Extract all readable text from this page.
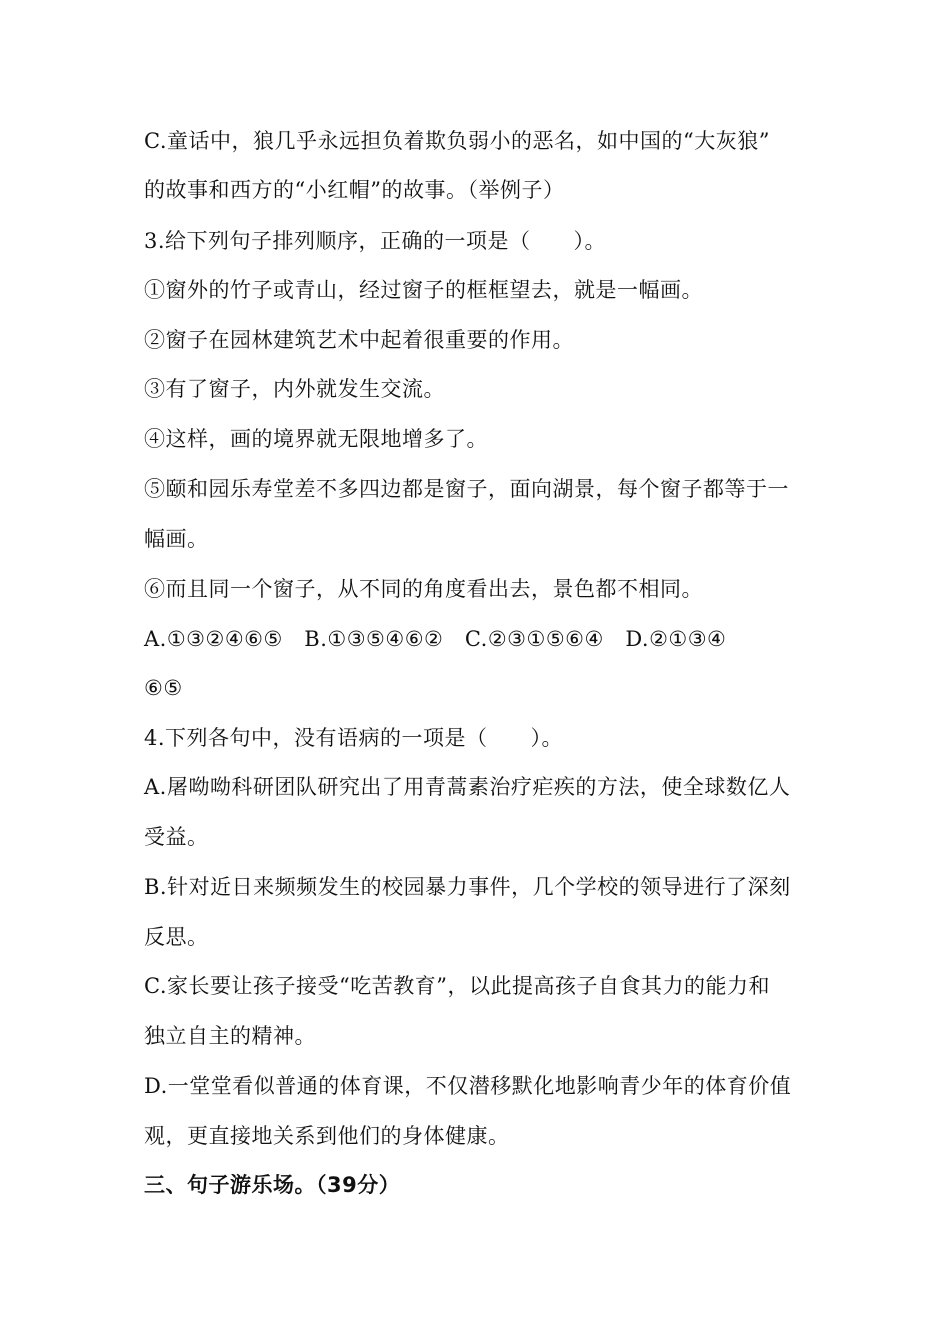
C.童话中，狼几乎永远担负着欺负弱小的恶名，如中国的“大灰狼”
的故事和西方的“小红帽”的故事。（举例子）
3.给下列句子排列顺序，正确的一项是（　　）。
①窗外的竹子或青山，经过窗子的框框望去，就是一幅画。
②窗子在园林建筑艺术中起着很重要的作用。
③有了窗子，内外就发生交流。
④这样，画的境界就无限地增多了。
⑤颐和园乐寿堂差不多四边都是窗子，面向湖景，每个窗子都等于一
幅画。
⑥而且同一个窗子，从不同的角度看出去，景色都不相同。
A.①③②④⑥⑤　B.①③⑤④⑥②　C.②③①⑤⑥④　D.②①③④
⑥⑤
4.下列各句中，没有语病的一项是（　　）。
A.屠呦呦科研团队研究出了用青蒿素治疗疟疾的方法，使全球数亿人
受益。
B.针对近日来频频发生的校园暴力事件，几个学校的领导进行了深刻
反思。
C.家长要让孩子接受“吃苦教育”，以此提高孩子自食其力的能力和
独立自主的精神。
D.一堂堂看似普通的体育课，不仅潜移默化地影响青少年的体育价值
观，更直接地关系到他们的身体健康。
三、句子游乐场。（39分）
